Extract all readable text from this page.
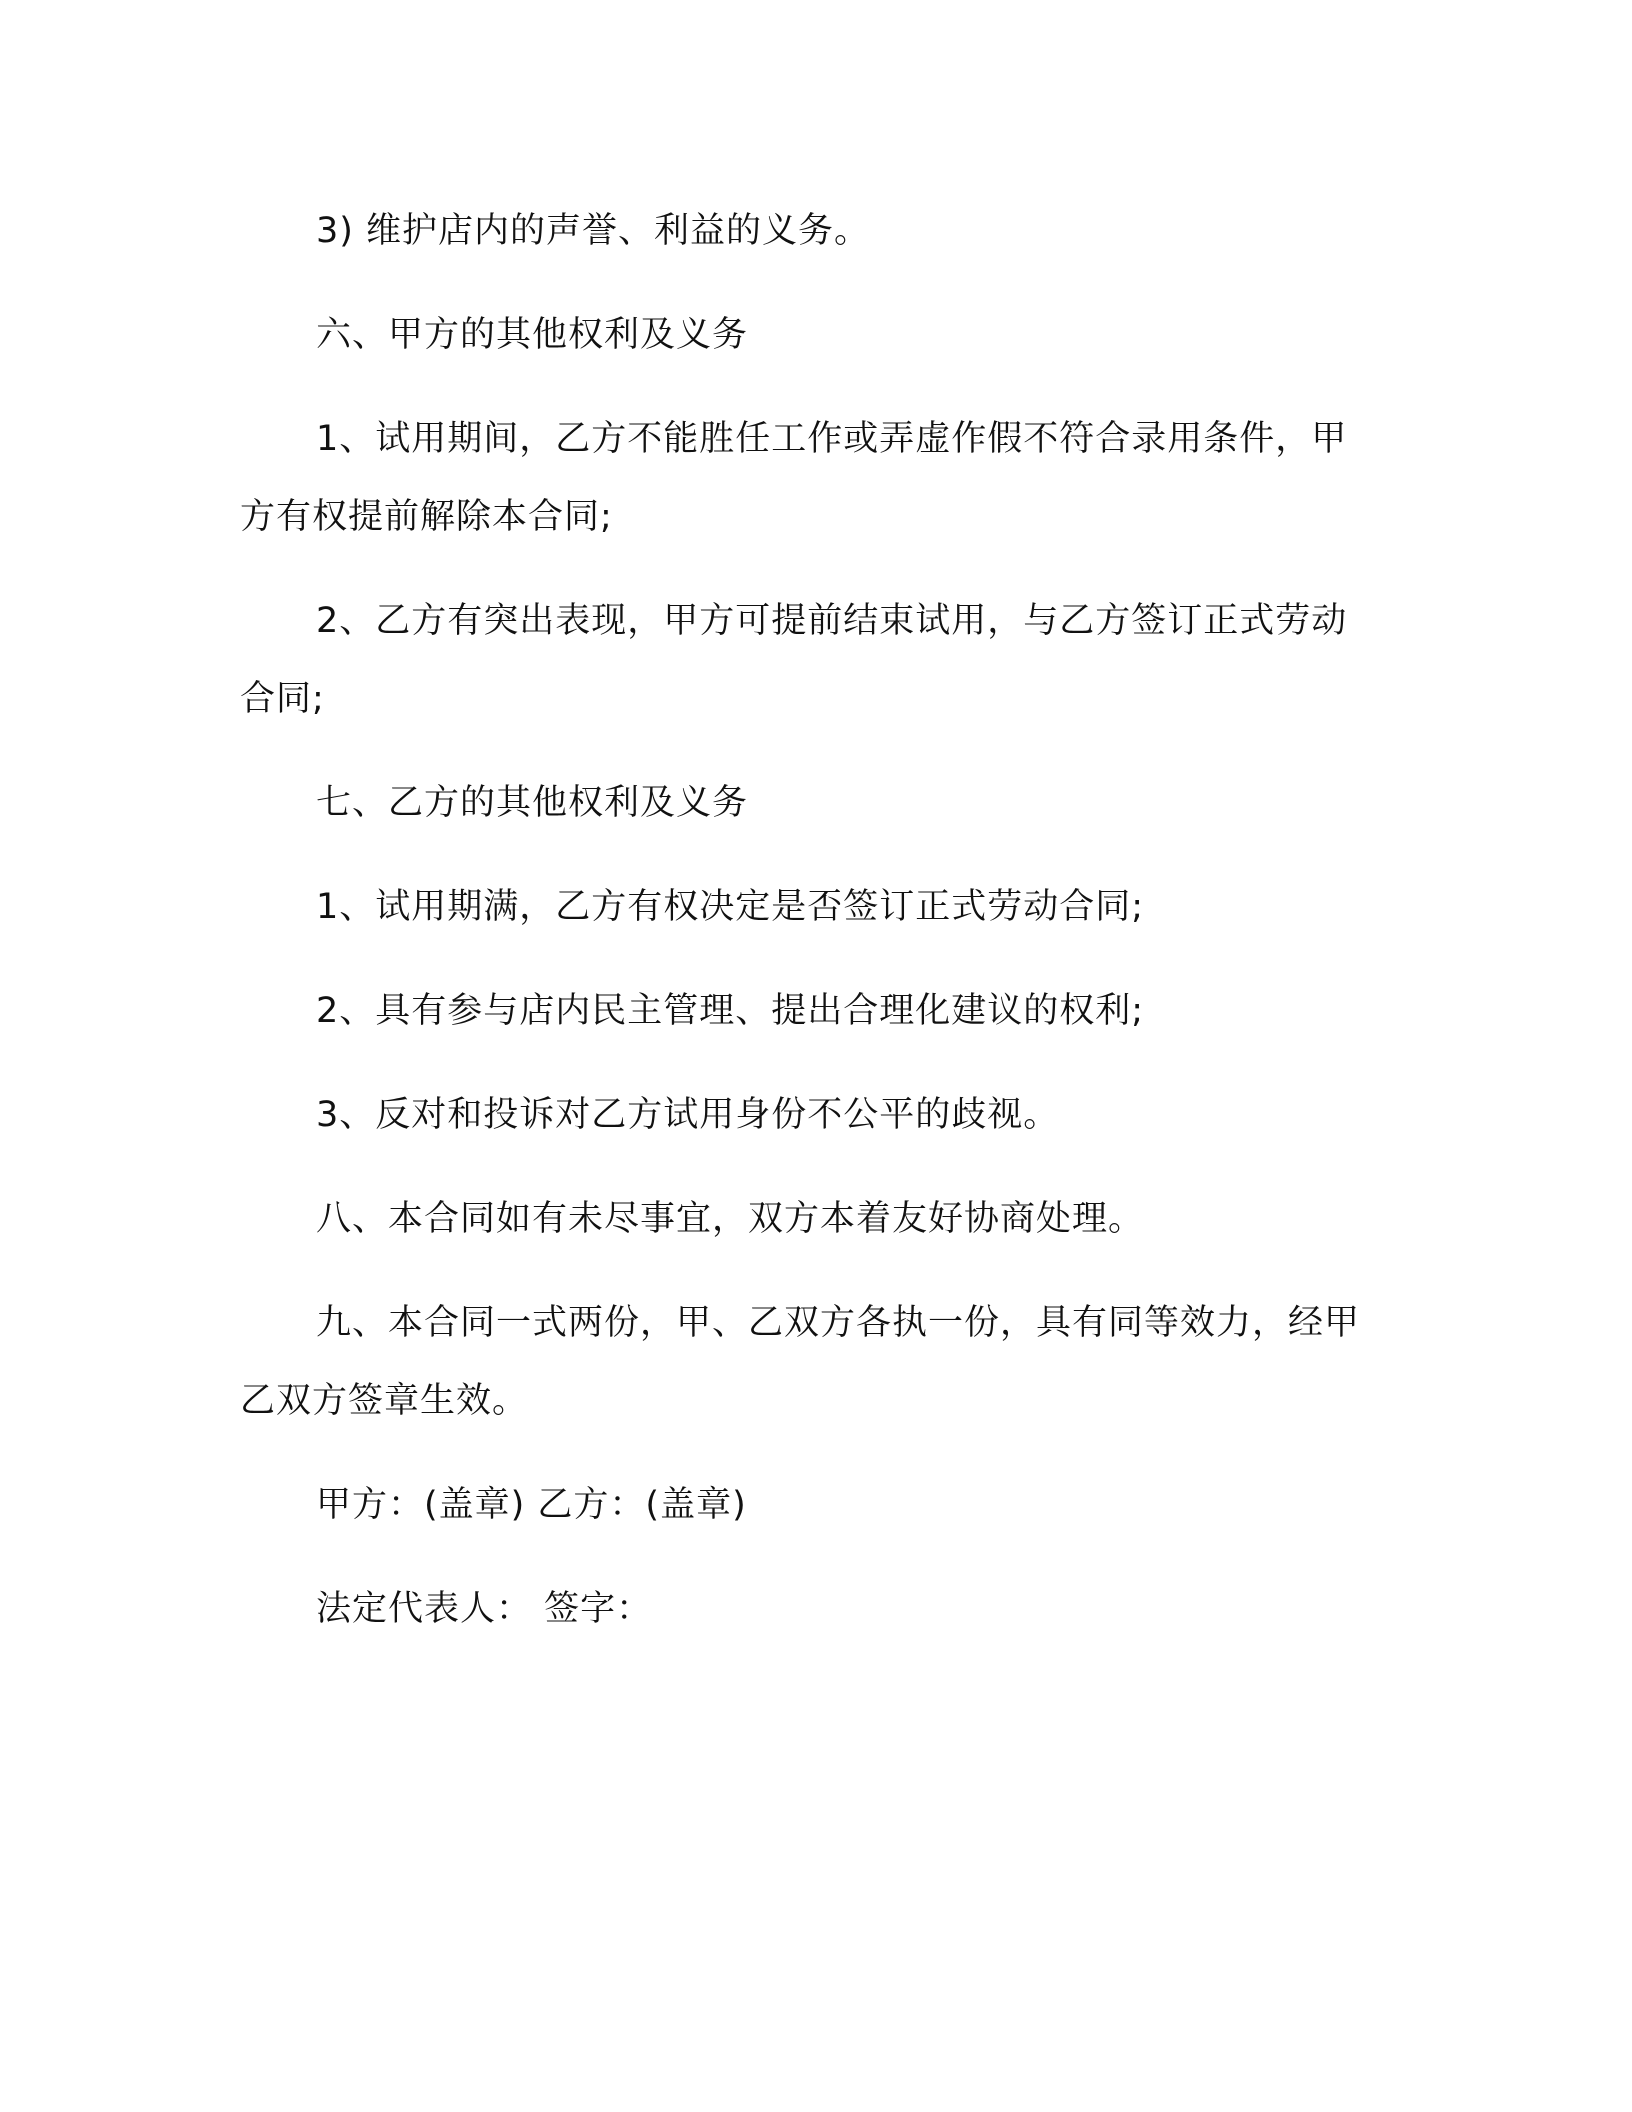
3) 维护店内的声誉、利益的义务。

六、甲方的其他权利及义务

1、试用期间，乙方不能胜任工作或弄虚作假不符合录用条件，甲方有权提前解除本合同;

2、乙方有突出表现，甲方可提前结束试用，与乙方签订正式劳动合同;

七、乙方的其他权利及义务

1、试用期满，乙方有权决定是否签订正式劳动合同;

2、具有参与店内民主管理、提出合理化建议的权利;

3、反对和投诉对乙方试用身份不公平的歧视。

八、本合同如有未尽事宜，双方本着友好协商处理。

九、本合同一式两份，甲、乙双方各执一份，具有同等效力，经甲乙双方签章生效。

甲方：(盖章) 乙方：(盖章)

法定代表人： 签字：
